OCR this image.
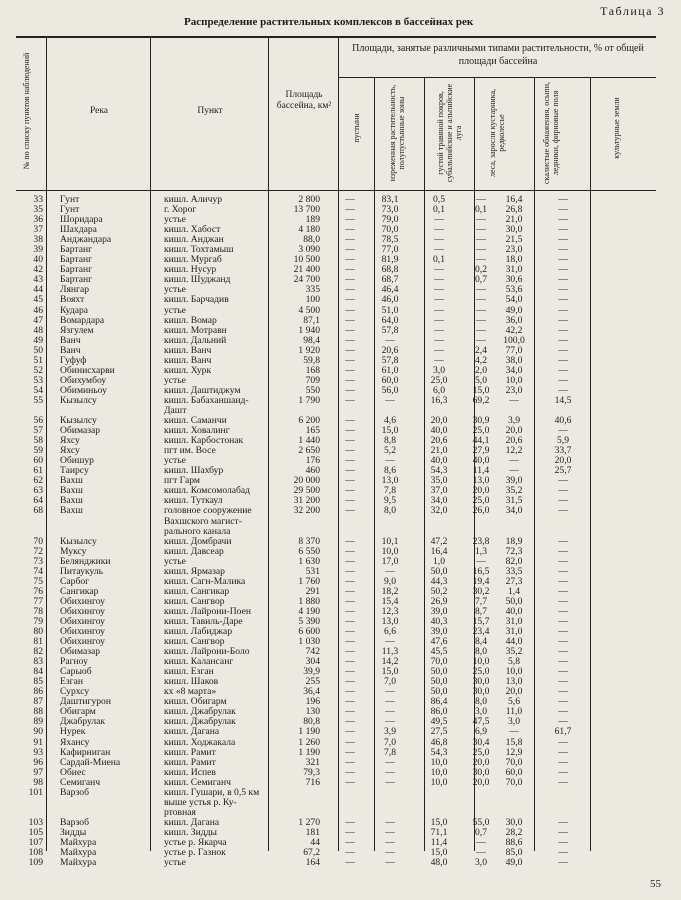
Таблица 3
Распределение растительных комплексов в бассейнах рек
№ по списку пунктов наблюдений	Река	Пункт
Площадь бассейна, км²
Площади, занятые различными типами растительности, % от общей площади бассейна
пустыни	изреженная растительность, полупустынные зоны	густой травяной покров, субальпийские и альпийские луга	леса, заросли кустарника, редколесье	скалистые обнажения, осыпи, ледники, фирновые поля	культурные земли
33	Гунт	кишл. Аличур	2 800	—	83,1	0,5	—	16,4	—
35	Гунт	г. Хорог	13 700	—	73,0	0,1	0,1	26,8	—
36	Шоридара	устье	189	—	79,0	—	—	21,0	—
37	Шахдара	кишл. Хабост	4 180	—	70,0	—	—	30,0	—
38	Анджандара	кишл. Анджан	88,0	—	78,5	—	—	21,5	—
39	Бартанг	кишл. Тохтамыш	3 090	—	77,0	—	—	23,0	—
40	Бартанг	кишл. Мургаб	10 500	—	81,9	0,1	—	18,0	—
42	Бартанг	кишл. Нусур	21 400	—	68,8	—	0,2	31,0	—
43	Бартанг	кишл. Шуджанд	24 700	—	68,7	—	0,7	30,6	—
44	Лянгар	устье	335	—	46,4	—	—	53,6	—
45	Вояхт	кишл. Барчадив	100	—	46,0	—	—	54,0	—
46	Кудара	устье	4 500	—	51,0	—	—	49,0	—
47	Вомардара	кишл. Вомар	87,1	—	64,0	—	—	36,0	—
48	Язгулем	кишл. Мотравн	1 940	—	57,8	—	—	42,2	—
49	Ванч	кишл. Дальний	98,4	—	—	—	—	100,0	—
50	Ванч	кишл. Ванч	1 920	—	20,6	—	2,4	77,0	—
51	Гуфуф	кишл. Ванч	59,8	—	57,8	—	4,2	38,0	—
52	Обинисхарви	кишл. Хурк	168	—	61,0	3,0	2,0	34,0	—
53	Обихумбоу	устье	709	—	60,0	25,0	5,0	10,0	—
54	Обиминьоу	кишл. Даштиджум	550	—	56,0	6,0	15,0	23,0	—
55	Кызылсу	кишл. Бабаханшаид-	1 790	—	—	16,3	69,2	—	14,5
Дашт
56	Кызылсу	кишл. Саманчи	6 200	—	4,6	20,0	30,9	3,9	40,6
57	Обимазар	кишл. Ховалинг	165	—	15,0	40,0	25,0	20,0	—
58	Яхсу	кишл. Карбостонак	1 440	—	8,8	20,6	44,1	20,6	5,9
59	Яхсу	пгт им. Восе	2 650	—	5,2	21,0	27,9	12,2	33,7
60	Обишур	устье	176	—	—	40,0	40,0	—	20,0
61	Таирсу	кишл. Шахбур	460	—	8,6	54,3	11,4	—	25,7
62	Вахш	пгт Гарм	20 000	—	13,0	35,0	13,0	39,0	—
63	Вахш	кишл. Комсомолабад	29 500	—	7,8	37,0	20,0	35,2	—
64	Вахш	кишл. Туткаул	31 200	—	9,5	34,0	25,0	31,5	—
68	Вахш	головное сооружение	32 200	—	8,0	32,0	26,0	34,0	—
Вахшского магист-
рального канала
70	Кызылсу	кишл. Домбрачи	8 370	—	10,1	47,2	23,8	18,9	—
72	Муксу	кишл. Давсеар	6 550	—	10,0	16,4	1,3	72,3	—
73	Белянджики	устье	1 630	—	17,0	1,0	—	82,0	—
74	Питаукуль	кишл. Ярмазар	531	—	—	50,0	16,5	33,5	—
75	Сарбог	кишл. Сагн-Малика	1 760	—	9,0	44,3	19,4	27,3	—
76	Сангикар	кишл. Сангикар	291	—	18,2	50,2	30,2	1,4	—
77	Обихингоу	кишл. Сангвор	1 880	—	15,4	26,9	7,7	50,0	—
78	Обихингоу	кишл. Лайрони-Поен	4 190	—	12,3	39,0	8,7	40,0	—
79	Обихингоу	кишл. Тавиль-Даре	5 390	—	13,0	40,3	15,7	31,0	—
80	Обихингоу	кишл. Лабиджар	6 600	—	6,6	39,0	23,4	31,0	—
81	Обихингоу	кишл. Сангвор	1 030	—	—	47,6	8,4	44,0	—
82	Обимазар	кишл. Лайрони-Боло	742	—	11,3	45,5	8,0	35,2	—
83	Рагноу	кишл. Калансанг	304	—	14,2	70,0	10,0	5,8	—
84	Сарыоб	кишл. Езган	39,9	—	15,0	50,0	25,0	10,0	—
85	Езган	кишл. Шаков	255	—	7,0	50,0	30,0	13,0	—
86	Сурхсу	кх «8 марта»	36,4	—	—	50,0	30,0	20,0	—
87	Даштигурон	кишл. Обигарм	196	—	—	86,4	8,0	5,6	—
88	Обигарм	кишл. Джабрулак	130	—	—	86,0	3,0	11,0	—
89	Джабрулак	кишл. Джабрулак	80,8	—	—	49,5	47,5	3,0	—
90	Нурек	кишл. Дагана	1 190	—	3,9	27,5	6,9	—	61,7
91	Яхансу	кишл. Ходжакала	1 260	—	7,0	46,8	30,4	15,8	—
93	Кафирниган	кишл. Рамит	1 190	—	7,8	54,3	25,0	12,9	—
96	Сардай-Миена	кишл. Рамит	321	—	—	10,0	20,0	70,0	—
97	Обиес	кишл. Испев	79,3	—	—	10,0	30,0	60,0	—
98	Семиганч	кишл. Семиганч	716	—	—	10,0	20,0	70,0	—
101	Варзоб	кишл. Гушари, в 0,5 км
выше устья р. Ку-
ртовная
103	Варзоб	кишл. Дагана	1 270	—	—	15,0	55,0	30,0	—
105	Зидды	кишл. Зидды	181	—	—	71,1	0,7	28,2	—
107	Майхура	устье р. Якарча	44	—	—	11,4	—	88,6	—
108	Майхура	устье р. Газнок	67,2	—	—	15,0	—	85,0	—
109	Майхура	устье	164	—	—	48,0	3,0	49,0	—
55
